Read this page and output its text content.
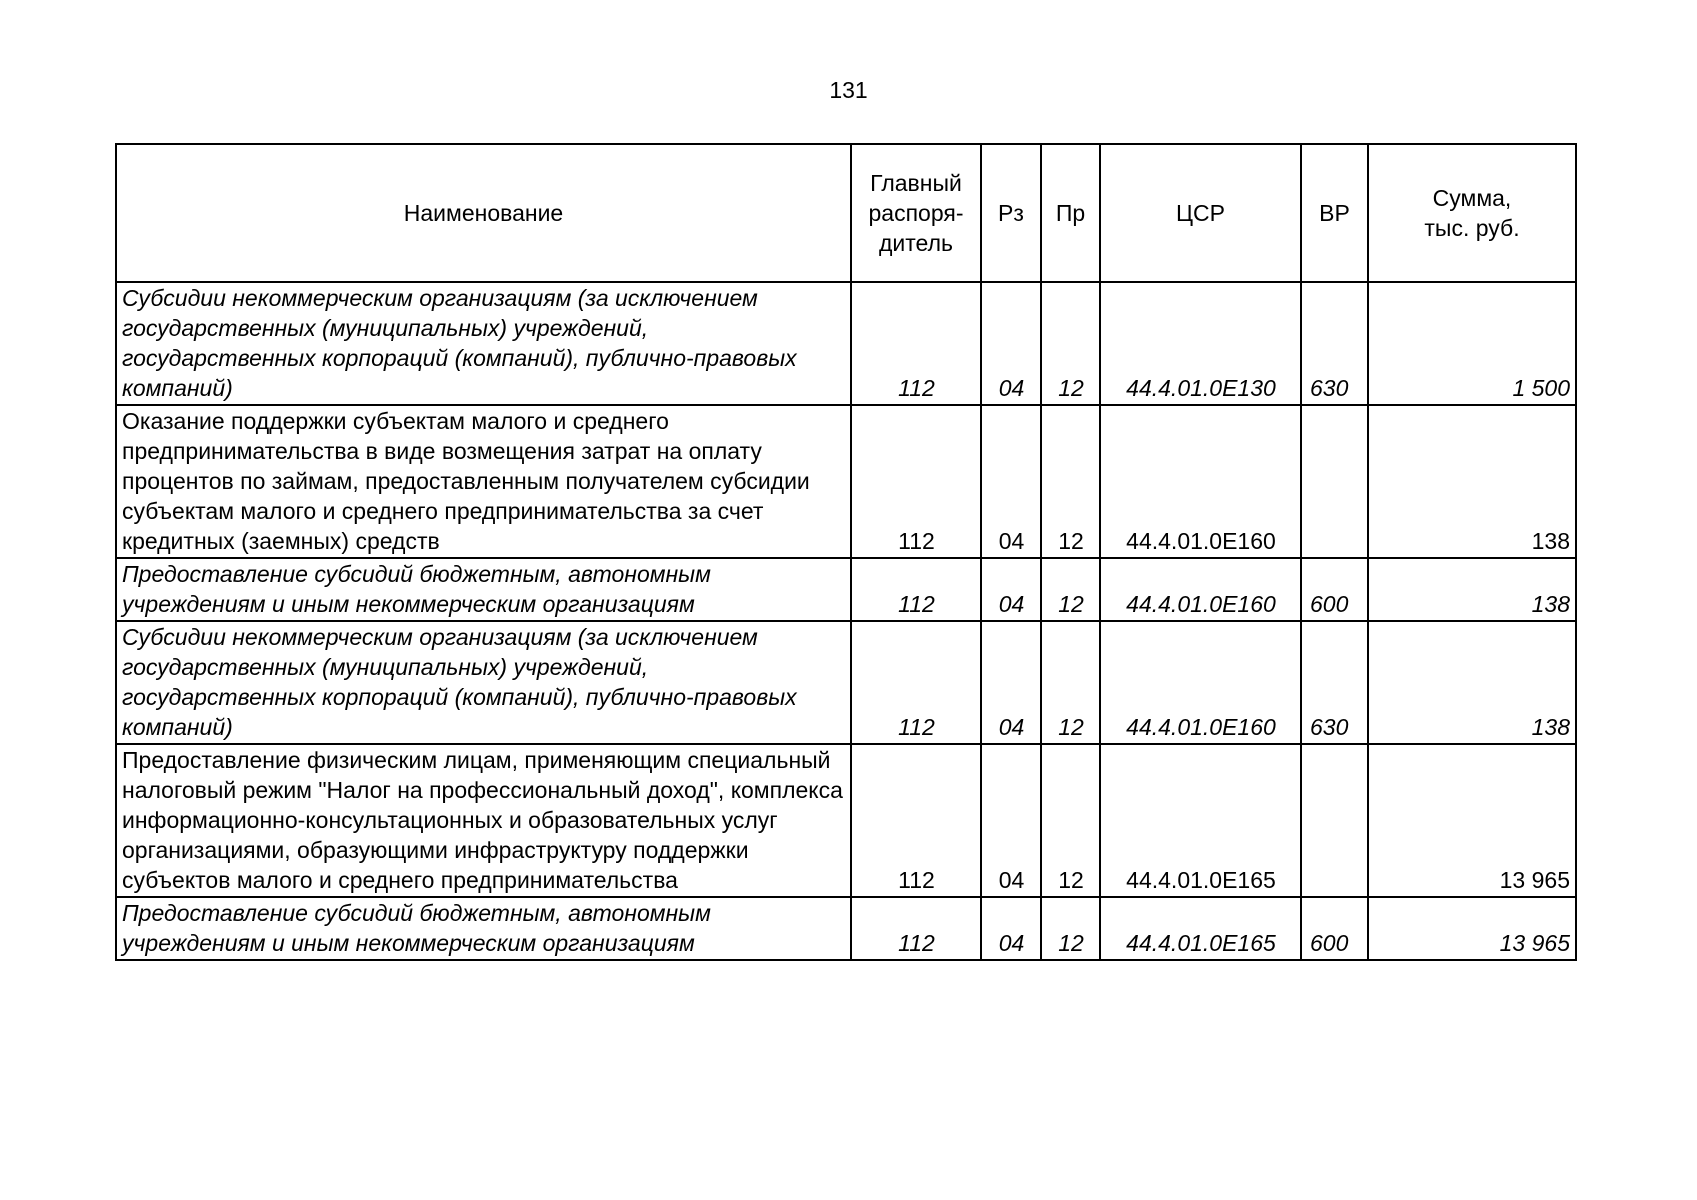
131
Наименование	Главный
распоря-
дитель	Рз	Пр	ЦСР	ВР	Сумма,
тыс. руб.
Субсидии некоммерческим организациям (за исключением государственных (муниципальных) учреждений, государственных корпораций (компаний), публично-правовых компаний)	112	04	12	44.4.01.0Е130	630	1 500
Оказание поддержки субъектам малого и среднего предпринимательства в виде возмещения затрат на оплату процентов по займам, предоставленным получателем субсидии субъектам малого и среднего предпринимательства за счет кредитных (заемных) средств	112	04	12	44.4.01.0Е160		138
Предоставление субсидий бюджетным, автономным учреждениям и иным некоммерческим организациям	112	04	12	44.4.01.0Е160	600	138
Субсидии некоммерческим организациям (за исключением государственных (муниципальных) учреждений, государственных корпораций (компаний), публично-правовых компаний)	112	04	12	44.4.01.0Е160	630	138
Предоставление физическим лицам, применяющим специальный налоговый режим "Налог на профессиональный доход", комплекса информационно-консультационных и образовательных услуг организациями, образующими инфраструктуру поддержки субъектов малого и среднего предпринимательства	112	04	12	44.4.01.0Е165		13 965
Предоставление субсидий бюджетным, автономным учреждениям и иным некоммерческим организациям	112	04	12	44.4.01.0Е165	600	13 965
